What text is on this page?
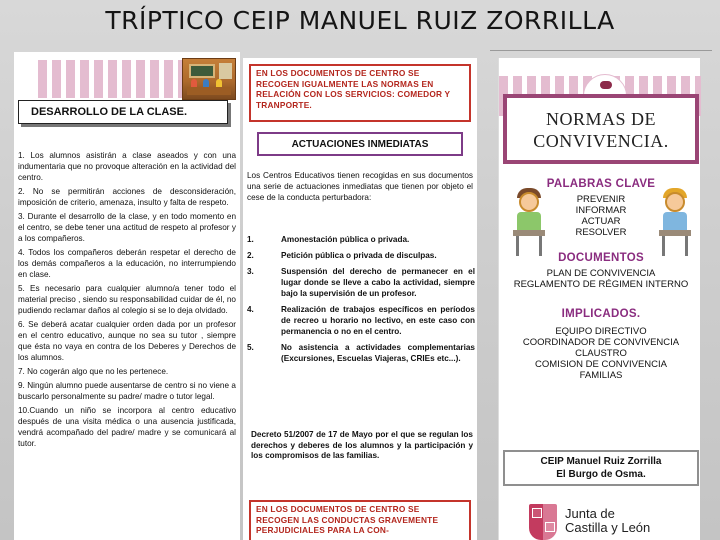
TRÍPTICO CEIP MANUEL RUIZ ZORRILLA
DESARROLLO DE LA CLASE.

1. Los alumnos asistirán a clase aseados y con una indumentaria que no provoque alteración en la actividad del centro.

2. No se permitirán acciones de desconsideración, imposición de criterio, amenaza, insulto y falta de respeto.

3. Durante el desarrollo de la clase, y en todo momento en el centro, se debe tener una actitud de respeto al profesor y a los compañeros.

4. Todos los compañeros deberán respetar el derecho de los demás compañeros a la educación, no interrumpiendo en clase.

5. Es necesario para cualquier alumno/a tener todo el material preciso , siendo su responsabilidad cuidar de él, no pudiendo reclamar daños al colegio si se lo deja olvidado.

6. Se deberá acatar cualquier orden dada por un profesor en el centro educativo, aunque no sea su tutor , siempre que ésta no vaya en contra de los Deberes y Derechos de los alumnos.

7. No cogerán algo que no les pertenece.

9. Ningún alumno puede ausentarse de centro si no viene a buscarlo personalmente su padre/ madre o tutor legal.

10.Cuando un niño se incorpora al centro educativo después de una visita médica o una ausencia justificada, vendrá acompañado del padre/ madre y se comunicará al tutor.

EN LOS DOCUMENTOS DE CENTRO SE RECOGEN IGUALMENTE LAS NORMAS EN RELACIÓN CON LOS SERVICIOS: COMEDOR Y TRANPORTE.
ACTUACIONES INMEDIATAS
Los Centros Educativos tienen recogidas en sus documentos una serie de actuaciones inmediatas que tienen por objeto el cese de la conducta perturbadora:
1.	Amonestación pública o privada.
2.	Petición pública o privada de disculpas.
3.	Suspensión del derecho de permanecer en el lugar donde se lleve a cabo la actividad, siempre bajo la supervisión de un profesor.
4.	Realización de trabajos específicos en períodos de recreo u horario no lectivo, en este caso con permanencia o no en el centro.
5.	No asistencia a actividades complementarias (Excursiones, Escuelas Viajeras, CRIEs etc...).
Decreto 51/2007 de 17 de Mayo por el que se regulan los derechos y deberes de los alumnos y la participación y los compromisos de las familias.
EN LOS DOCUMENTOS DE CENTRO SE RECOGEN LAS CONDUCTAS GRAVEMENTE PERJUDICIALES PARA LA CON-
NORMAS DE
CONVIVENCIA.
PALABRAS CLAVE
PREVENIR
INFORMAR
ACTUAR
RESOLVER
DOCUMENTOS
PLAN DE CONVIVENCIA
REGLAMENTO DE RÉGIMEN INTERNO
IMPLICADOS.
EQUIPO DIRECTIVO
COORDINADOR DE CONVIVENCIA
CLAUSTRO
COMISION DE CONVIVENCIA
FAMILIAS
CEIP Manuel Ruiz Zorrilla
El Burgo de Osma.
Junta de
Castilla y León
